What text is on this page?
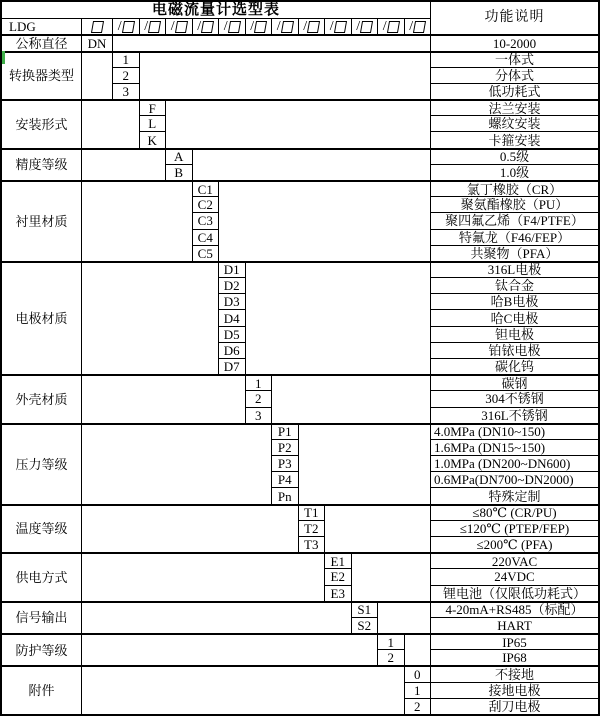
电磁流量计选型表
功能说明
LDG	/ / / / / / / / / / / /
公称直径	DN	10-2000
转换器类型
1	一体式
2	分体式
3	低功耗式
安装形式
F	法兰安装
L	螺纹安装
K	卡箍安装
精度等级
A	0.5级
B	1.0级
衬里材质
C1	氯丁橡胶（CR）
C2	聚氨酯橡胶（PU）
C3	聚四氟乙烯（F4/PTFE）
C4	特氟龙（F46/FEP）
C5	共聚物（PFA）
电极材质
D1	316L电极
D2	钛合金
D3	哈B电极
D4	哈C电极
D5	钽电极
D6	铂铱电极
D7	碳化钨
外壳材质
1	碳钢
2	304不锈钢
3	316L不锈钢
压力等级
P1	4.0MPa (DN10~150)
P2	1.6MPa (DN15~150)
P3	1.0MPa (DN200~DN600)
P4	0.6MPa(DN700~DN2000)
Pn	特殊定制
温度等级
T1	≤80℃ (CR/PU)
T2	≤120℃ (PTEP/FEP)
T3	≤200℃ (PFA)
供电方式
E1	220VAC
E2	24VDC
E3	锂电池（仅限低功耗式）
信号输出
S1	4-20mA+RS485（标配）
S2	HART
防护等级
1	IP65
2	IP68
附件
0	不接地
1	接地电极
2	刮刀电极
